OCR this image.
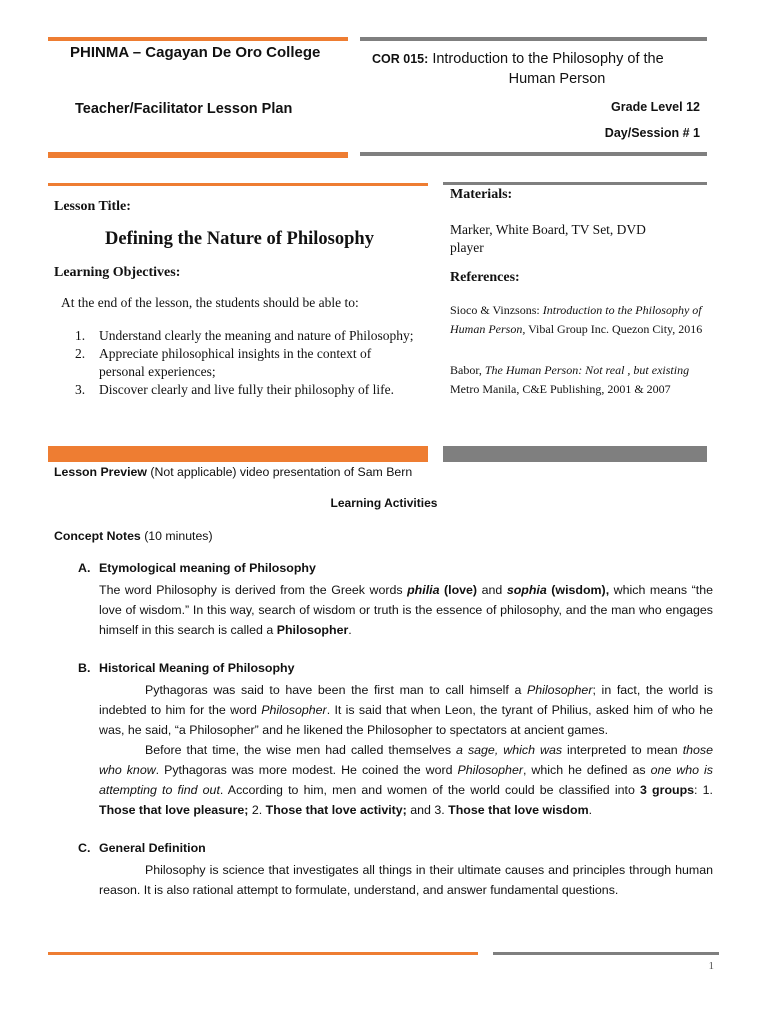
PHINMA – Cagayan De Oro College
Teacher/Facilitator Lesson Plan
COR 015: Introduction to the Philosophy of the
Human Person
Grade Level 12
Day/Session # 1
Lesson Title:
Defining the Nature of Philosophy
Learning Objectives:
At the end of the lesson, the students should be able to:
1.	Understand clearly the meaning and nature of Philosophy;
2.	Appreciate philosophical insights in the context of personal experiences;
3.	Discover clearly and live fully their philosophy of life.
Materials:
Marker, White Board, TV Set, DVD player
References:
Sioco & Vinzsons: Introduction to the Philosophy of Human Person, Vibal Group Inc. Quezon City, 2016
Babor, The Human Person: Not real , but existing Metro Manila, C&E Publishing, 2001 & 2007
Lesson Preview (Not applicable) video presentation of Sam Bern
Learning Activities
Concept Notes (10 minutes)
A. Etymological meaning of Philosophy

The word Philosophy is derived from the Greek words philia (love) and sophia (wisdom), which means “the love of wisdom.” In this way, search of wisdom or truth is the essence of philosophy, and the man who engages himself in this search is called a Philosopher.

B. Historical Meaning of Philosophy

Pythagoras was said to have been the first man to call himself a Philosopher; in fact, the world is indebted to him for the word Philosopher. It is said that when Leon, the tyrant of Philius, asked him of who he was, he said, “a Philosopher” and he likened the Philosopher to spectators at ancient games.

Before that time, the wise men had called themselves a sage, which was interpreted to mean those who know. Pythagoras was more modest. He coined the word Philosopher, which he defined as one who is attempting to find out. According to him, men and women of the world could be classified into 3 groups: 1. Those that love pleasure; 2. Those that love activity; and 3. Those that love wisdom.

C. General Definition

Philosophy is science that investigates all things in their ultimate causes and principles through human reason. It is also rational attempt to formulate, understand, and answer fundamental questions.

1
